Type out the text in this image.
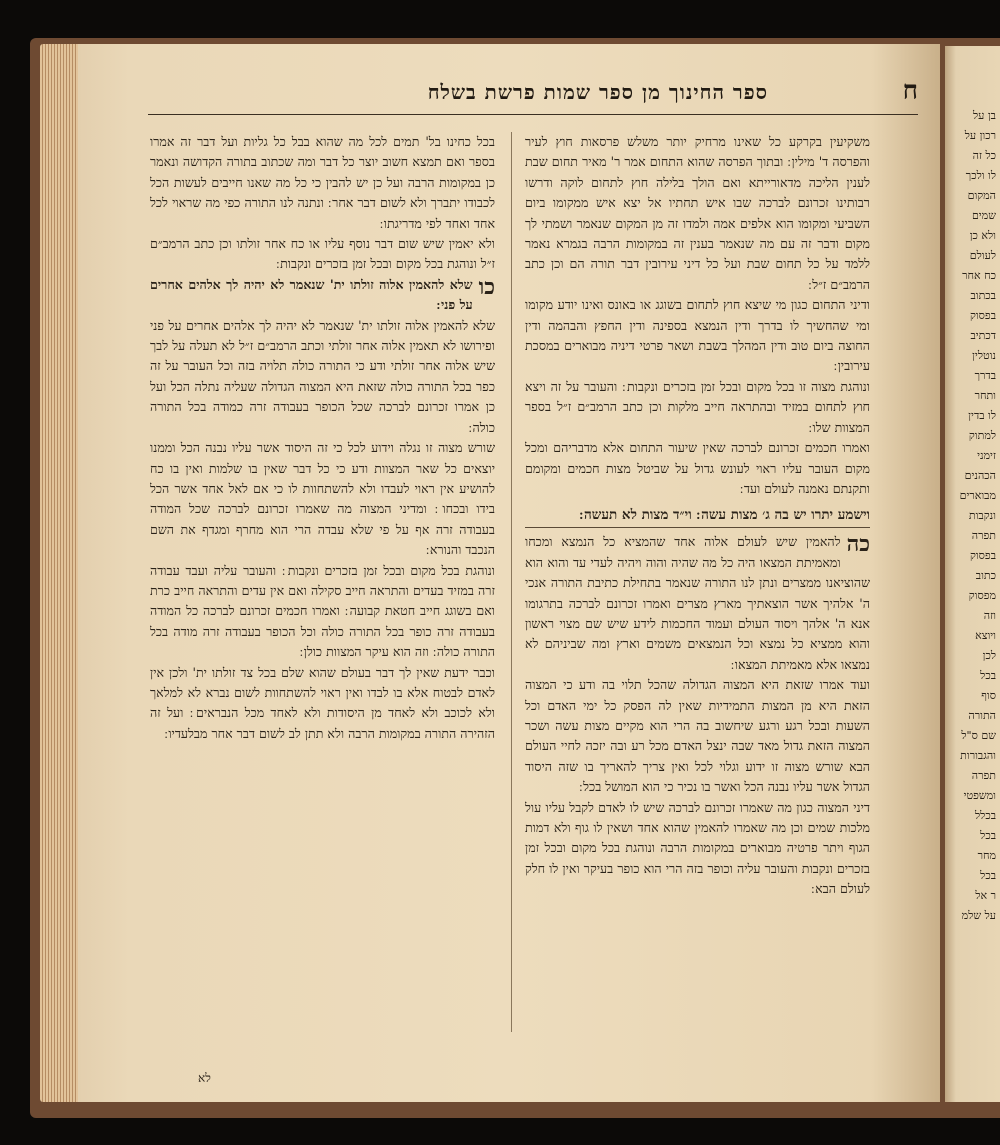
ח
ספר החינוך מן ספר שמות פרשת בשלח

משקיעין בקרקע כל שאינו מרחיק יותר משלש פרסאות חוץ לעיר והפרסה ד' מילין ׃ ובתוך הפרסה שהוא התחום אמר ר' מאיר תחום שבת לענין הליכה מדאורייתא ואם הולך בלילה חוץ לתחום לוקה ודרשו רבותינו זכרונם לברכה שבו איש תחתיו אל יצא איש ממקומו ביום השביעי ומקומו הוא אלפים אמה ולמדו זה מן המקום שנאמר ושמתי לך מקום ודבר זה עם מה שנאמר בענין זה במקומות הרבה בגמרא נאמר ללמד על כל תחום שבת ועל כל דיני עירובין דבר תורה הם וכן כתב הרמב״ם ז״ל ׃

ודיני התחום כגון מי שיצא חוץ לתחום בשוגג או באונס ואינו יודע מקומו ומי שהחשיך לו בדרך ודין הנמצא בספינה ודין החפץ והבהמה ודין החוצה ביום טוב ודין המהלך בשבת ושאר פרטי דיניה מבוארים במסכת עירובין ׃

ונוהגת מצוה זו בכל מקום ובכל זמן בזכרים ונקבות ׃ והעובר על זה ויצא חוץ לתחום במזיד ובהתראה חייב מלקות וכן כתב הרמב״ם ז״ל בספר המצוות שלו ׃

ואמרו חכמים זכרונם לברכה שאין שיעור התחום אלא מדבריהם ומכל מקום העובר עליו ראוי לעונש גדול על שביטל מצות חכמים ומקומם ותקנתם נאמנה לעולם ועד ׃

וישמע יתרו יש בה ג׳ מצות עשה ׃ וי״ד מצות לא תעשה ׃

כה
להאמין שיש לעולם אלוה אחד שהמציא כל הנמצא ומכחו ומאמיתת המצאו היה כל מה שהיה והוה ויהיה לעדי עד והוא הוא שהוציאנו ממצרים ונתן לנו התורה שנאמר בתחילת כתיבת התורה אנכי ה' אלהיך אשר הוצאתיך מארץ מצרים ואמרו זכרונם לברכה בתרגומו אנא ה' אלהך ויסוד העולם ועמוד החכמות לידע שיש שם מצוי ראשון והוא ממציא כל נמצא וכל הנמצאים משמים וארץ ומה שביניהם לא נמצאו אלא מאמיתת המצאו ׃

ועוד אמרו שזאת היא המצוה הגדולה שהכל תלוי בה ודע כי המצוה הזאת היא מן המצות התמידיות שאין לה הפסק כל ימי האדם וכל השעות ובכל רגע ורגע שיחשוב בה הרי הוא מקיים מצות עשה ושכר המצוה הזאת גדול מאד שבה ינצל האדם מכל רע ובה יזכה לחיי העולם הבא שורש מצוה זו ידוע וגלוי לכל ואין צריך להאריך בו שזה היסוד הגדול אשר עליו נבנה הכל ואשר בו נכיר כי הוא המושל בכל ׃

דיני המצוה כגון מה שאמרו זכרונם לברכה שיש לו לאדם לקבל עליו עול מלכות שמים וכן מה שאמרו להאמין שהוא אחד ושאין לו גוף ולא דמות הגוף ויתר פרטיה מבוארים במקומות הרבה ונוהגת בכל מקום ובכל זמן בזכרים ונקבות והעובר עליה וכופר בזה הרי הוא כופר בעיקר ואין לו חלק לעולם הבא ׃

בכל כחינו בל' תמים לכל מה שהוא בבל כל גליות ועל דבר זה אמרו בספר ואם תמצא חשוב יוצר כל דבר ומה שכתוב בתורה הקדושה ונאמר כן במקומות הרבה ועל כן יש להבין כי כל מה שאנו חייבים לעשות הכל לכבודו יתברך ולא לשום דבר אחר ׃ ונתנה לנו התורה כפי מה שראוי לכל אחד ואחד לפי מדריגתו ׃

ולא יאמין שיש שום דבר נוסף עליו או כח אחר זולתו וכן כתב הרמב״ם ז״ל ונוהגת בכל מקום ובכל זמן בזכרים ונקבות ׃

כו
שלא להאמין אלוה זולתו ית' שנאמר לא יהיה לך אלהים אחרים על פני ׃

שלא להאמין אלוה זולתו ית' שנאמר לא יהיה לך אלהים אחרים על פני ופירושו לא תאמין אלוה אחר זולתי וכתב הרמב״ם ז״ל לא תעלה על לבך שיש אלוה אחר זולתי ודע כי התורה כולה תלויה בזה וכל העובר על זה כפר בכל התורה כולה שזאת היא המצוה הגדולה שעליה נתלה הכל ועל כן אמרו זכרונם לברכה שכל הכופר בעבודה זרה כמודה בכל התורה כולה ׃

שורש מצוה זו נגלה וידוע לכל כי זה היסוד אשר עליו נבנה הכל וממנו יוצאים כל שאר המצוות ודע כי כל דבר שאין בו שלמות ואין בו כח להושיע אין ראוי לעבדו ולא להשתחוות לו כי אם לאל אחד אשר הכל בידו ובכחו ׃ ומדיני המצוה מה שאמרו זכרונם לברכה שכל המודה בעבודה זרה אף על פי שלא עבדה הרי הוא מחרף ומגדף את השם הנכבד והנורא ׃

ונוהגת בכל מקום ובכל זמן בזכרים ונקבות ׃ והעובר עליה ועבד עבודה זרה במזיד בעדים והתראה חייב סקילה ואם אין עדים והתראה חייב כרת ואם בשוגג חייב חטאת קבועה ׃ ואמרו חכמים זכרונם לברכה כל המודה בעבודה זרה כופר בכל התורה כולה וכל הכופר בעבודה זרה מודה בכל התורה כולה ׃ וזה הוא עיקר המצוות כולן ׃

וכבר ידעת שאין לך דבר בעולם שהוא שלם בכל צד זולתו ית' ולכן אין לאדם לבטוח אלא בו לבדו ואין ראוי להשתחוות לשום נברא לא למלאך ולא לכוכב ולא לאחד מן היסודות ולא לאחד מכל הנבראים ׃ ועל זה הזהירה התורה במקומות הרבה ולא תתן לב לשום דבר אחר מבלעדיו ׃

לא
בן על
רכון על
כל זה
לו ולכך
המקום
שמים
ולא כן
לעולם
כח אחר
בכתוב
בפסוק
דכתיב
נוטלין
בדרך
ותחר
לו בדין
למתוק
זימני
הכהנים
מבוארים
ונקבות
תפרה
בפסוק
כתוב
מפסוק
וזה
ויוצא
לכן
בכל
סוף
התורה
שם ס"ל
והגבורות
תפרה
ומשפטי
בכלל
בכל
מחר
בכל
ר אל
על שלמ
